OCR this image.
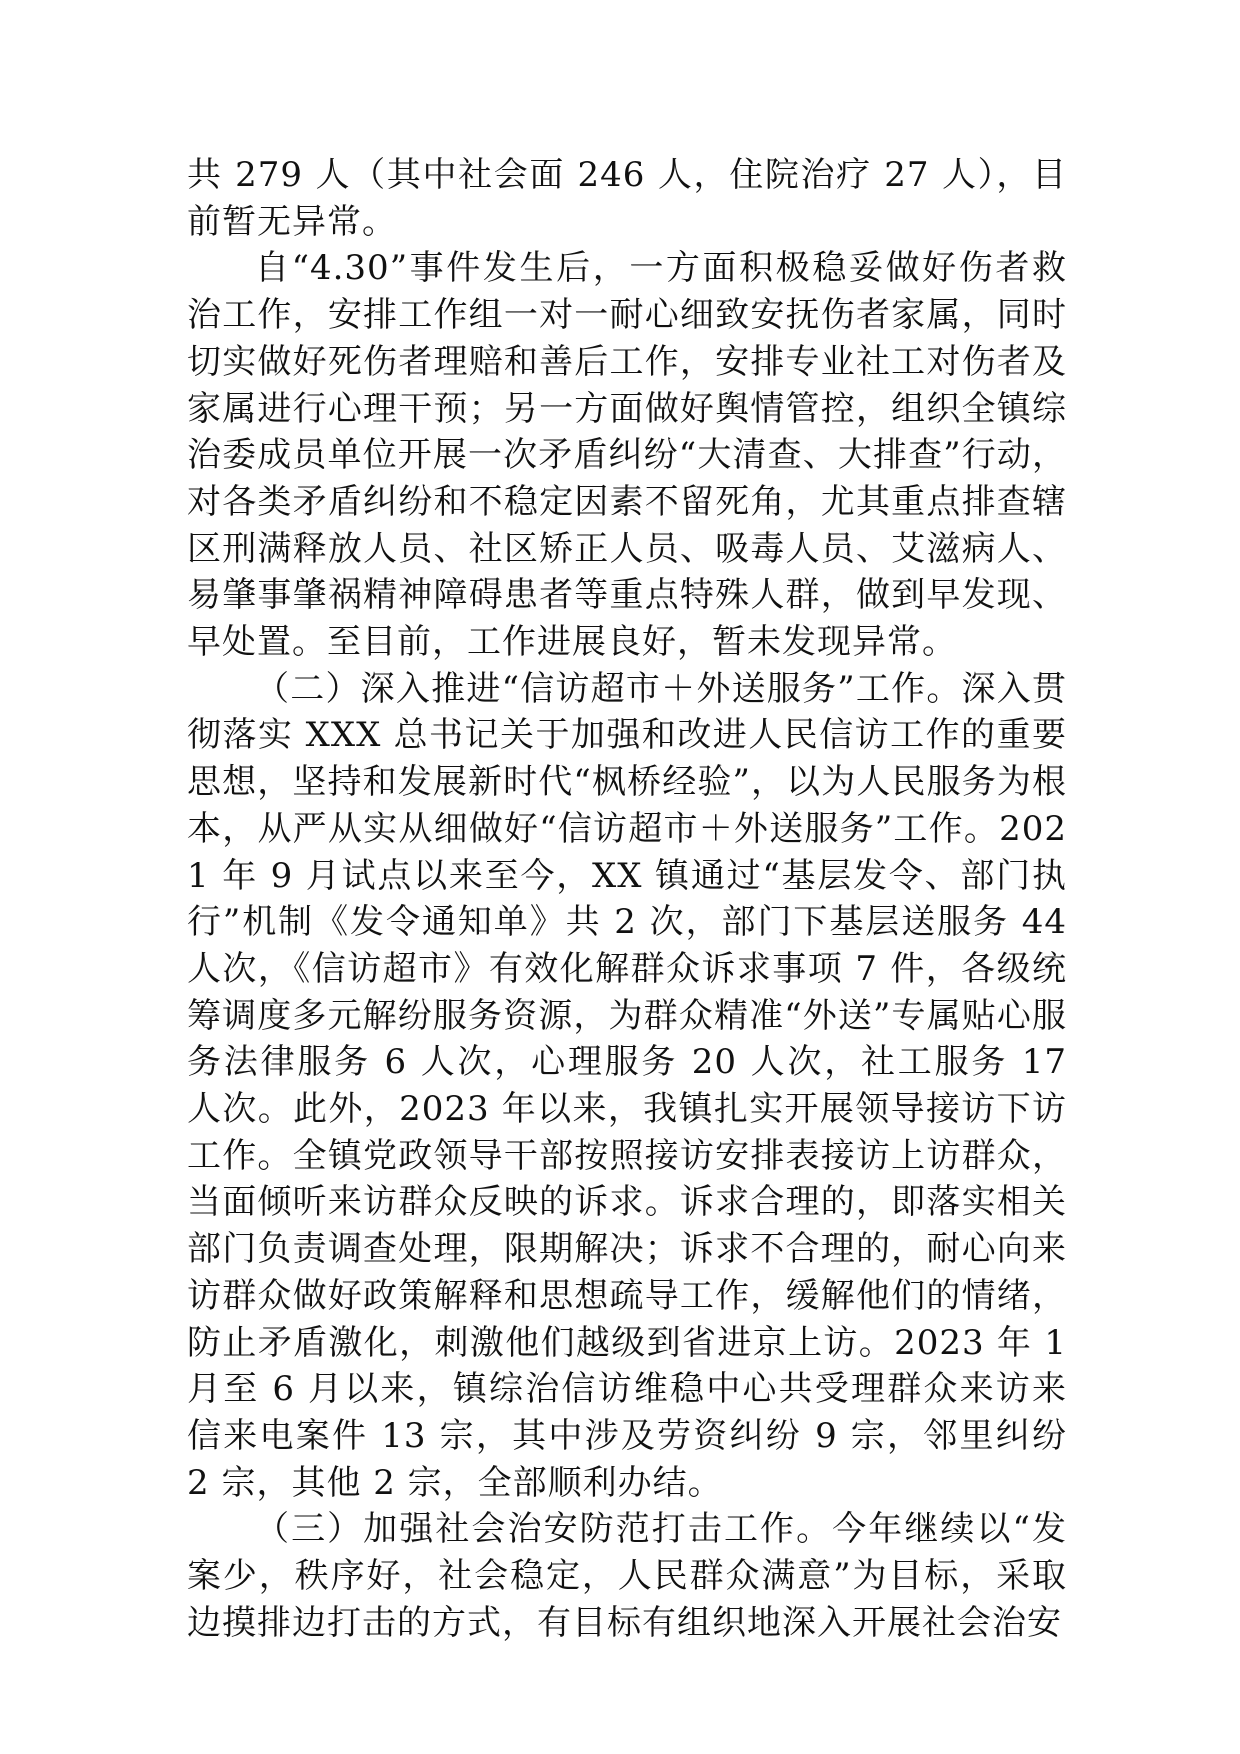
共 279 人（其中社会面 246 人，住院治疗 27 人），目前暂无异常。

自“4.30”事件发生后，一方面积极稳妥做好伤者救治工作，安排工作组一对一耐心细致安抚伤者家属，同时切实做好死伤者理赔和善后工作，安排专业社工对伤者及家属进行心理干预；另一方面做好舆情管控，组织全镇综治委成员单位开展一次矛盾纠纷“大清查、大排查”行动，对各类矛盾纠纷和不稳定因素不留死角，尤其重点排查辖区刑满释放人员、社区矫正人员、吸毒人员、艾滋病人、易肇事肇祸精神障碍患者等重点特殊人群，做到早发现、早处置。至目前，工作进展良好，暂未发现异常。

（二）深入推进“信访超市＋外送服务”工作。深入贯彻落实 XXX 总书记关于加强和改进人民信访工作的重要思想，坚持和发展新时代“枫桥经验”，以为人民服务为根本，从严从实从细做好“信访超市＋外送服务”工作。2021 年 9 月试点以来至今，XX 镇通过“基层发令、部门执行”机制《发令通知单》共 2 次，部门下基层送服务 44 人次，《信访超市》有效化解群众诉求事项 7 件，各级统筹调度多元解纷服务资源，为群众精准“外送”专属贴心服务法律服务 6 人次，心理服务 20 人次，社工服务 17 人次。此外，2023 年以来，我镇扎实开展领导接访下访工作。全镇党政领导干部按照接访安排表接访上访群众，当面倾听来访群众反映的诉求。诉求合理的，即落实相关部门负责调查处理，限期解决；诉求不合理的，耐心向来访群众做好政策解释和思想疏导工作，缓解他们的情绪，防止矛盾激化，刺激他们越级到省进京上访。2023 年 1 月至 6 月以来，镇综治信访维稳中心共受理群众来访来信来电案件 13 宗，其中涉及劳资纠纷 9 宗，邻里纠纷 2 宗，其他 2 宗，全部顺利办结。

（三）加强社会治安防范打击工作。今年继续以“发案少，秩序好，社会稳定，人民群众满意”为目标，采取边摸排边打击的方式，有目标有组织地深入开展社会治安
